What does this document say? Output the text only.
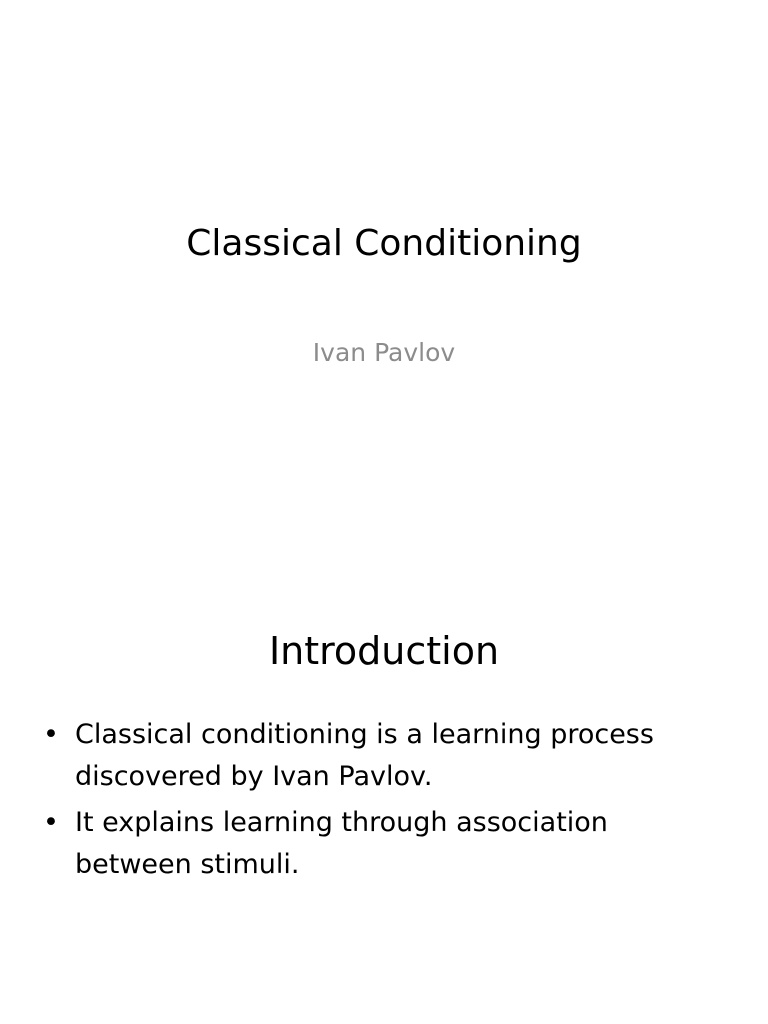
Classical Conditioning
Ivan Pavlov
Introduction
• Classical conditioning is a learning process discovered by Ivan Pavlov.
• It explains learning through association between stimuli.
